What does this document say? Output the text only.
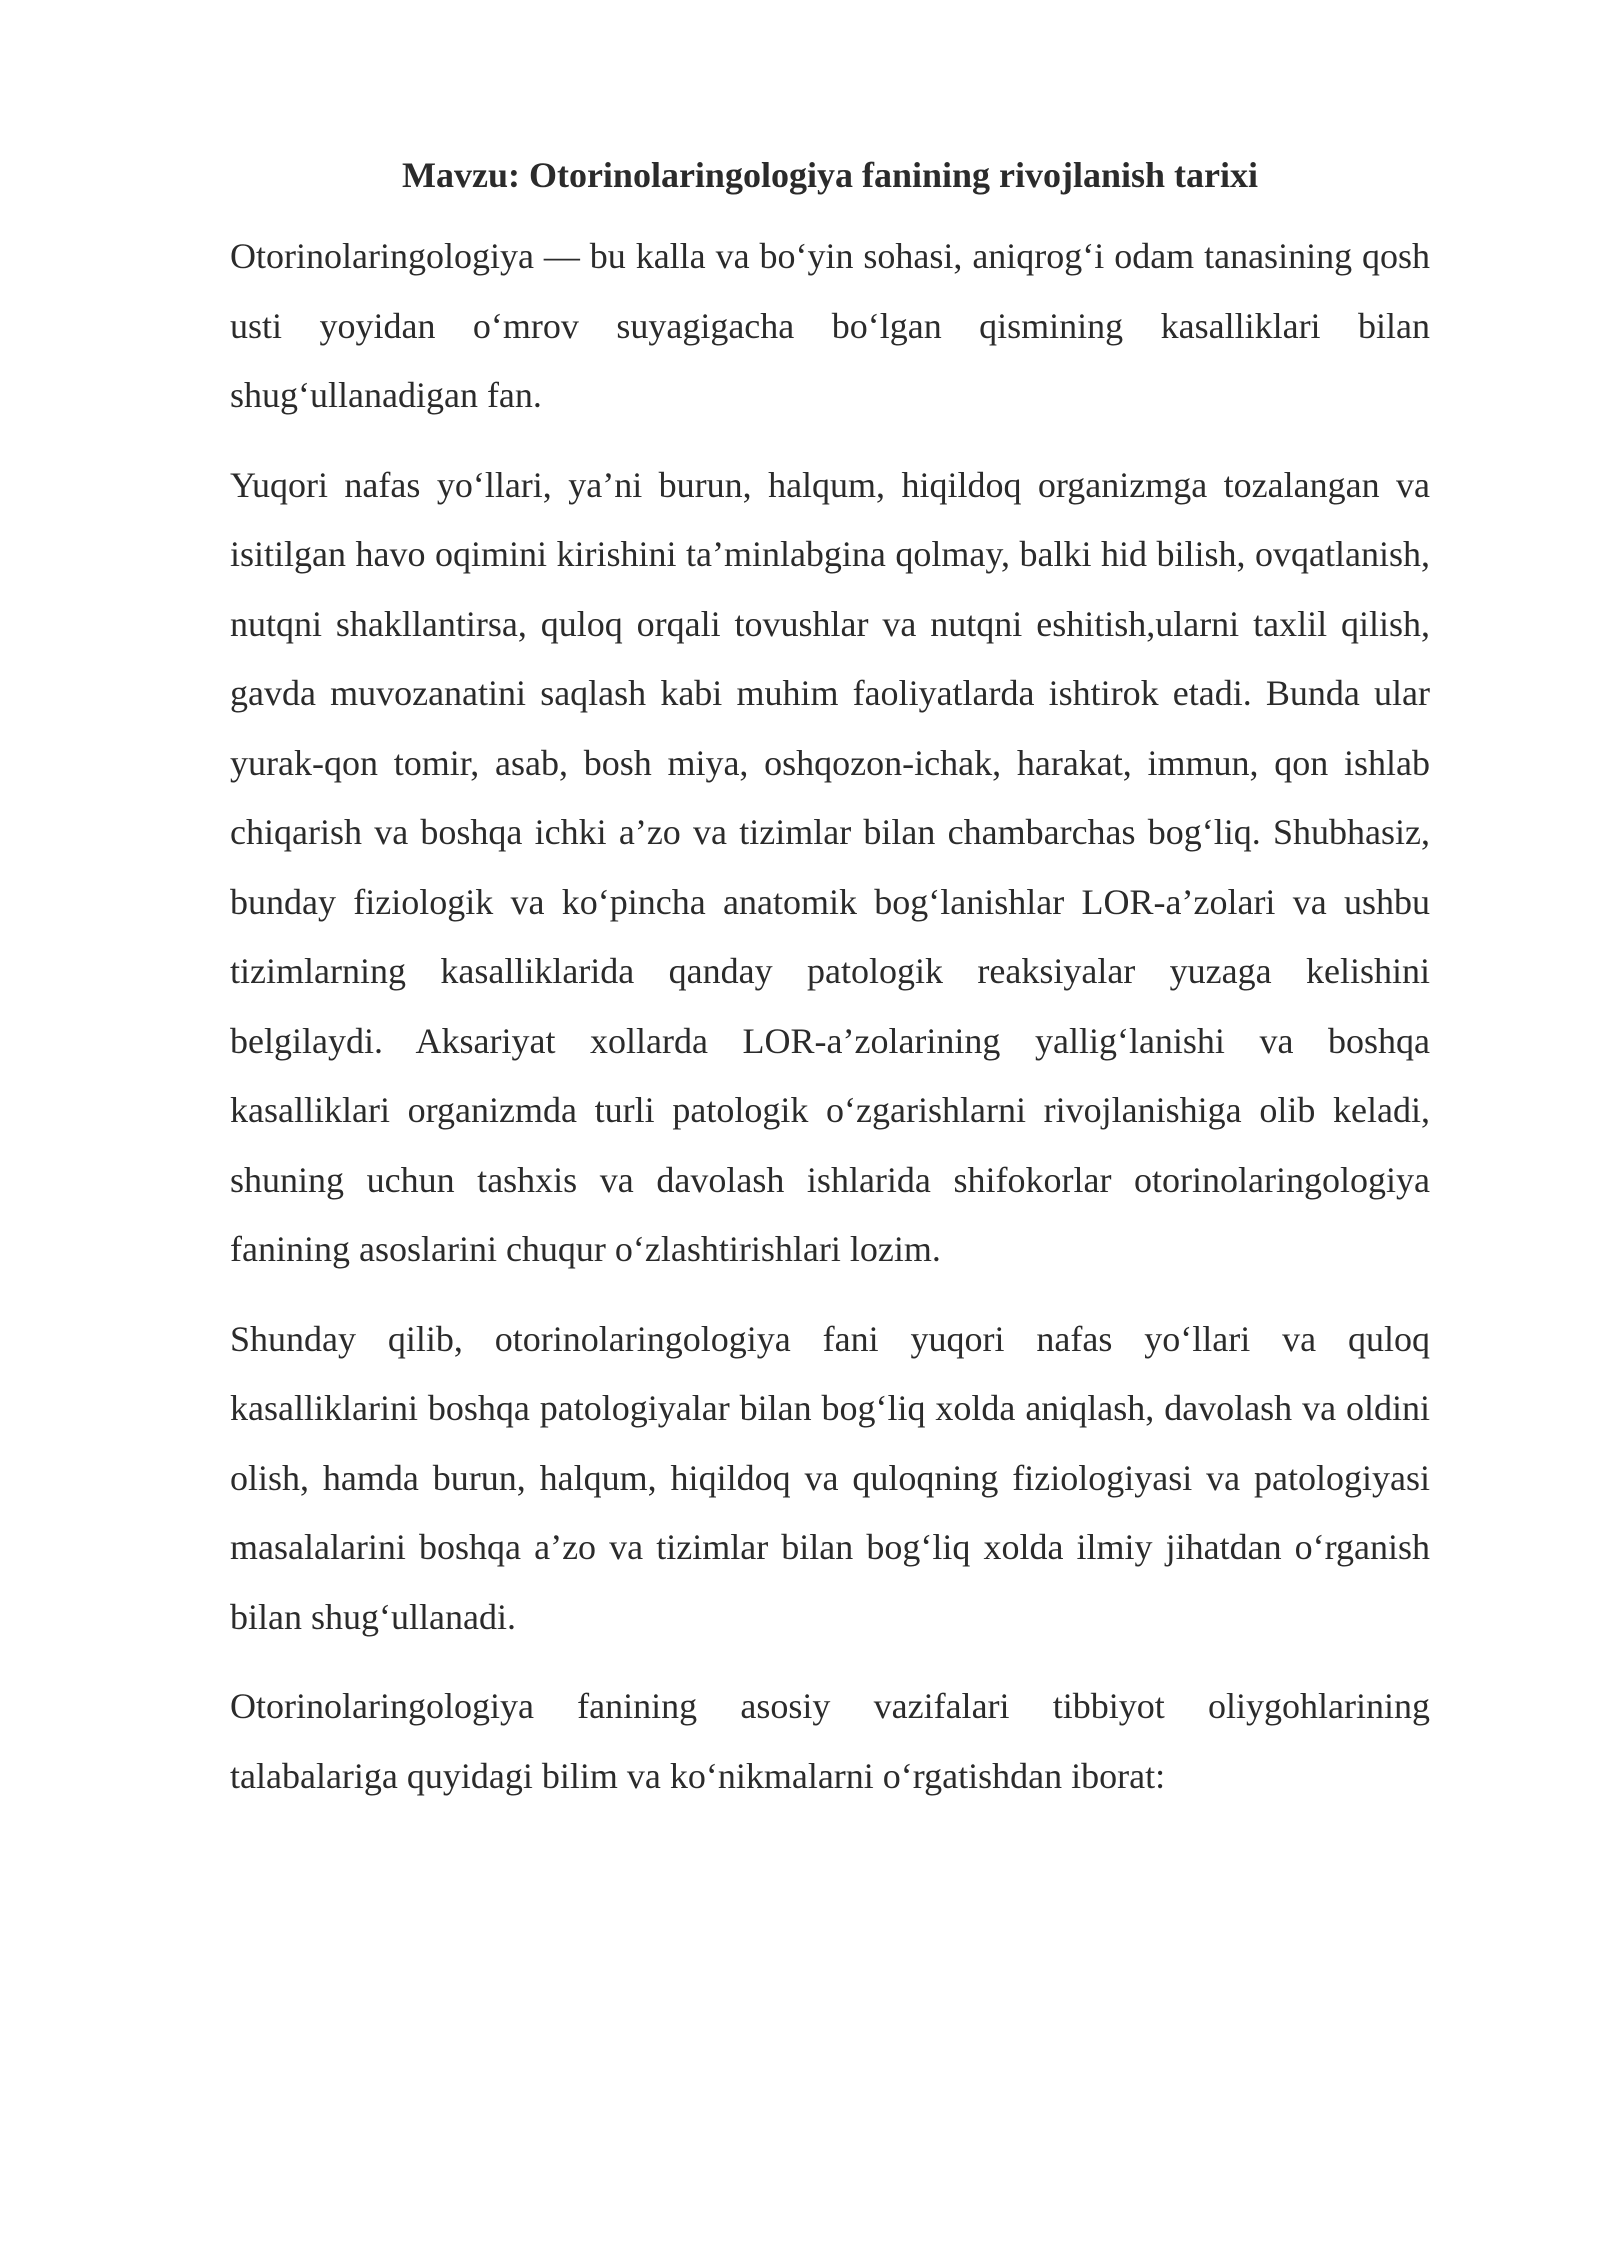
Mavzu: Otorinolaringologiya fanining rivojlanish tarixi

Otorinolaringologiya — bu kalla va bo‘yin sohasi, aniqrog‘i odam tanasining qosh usti yoyidan o‘mrov suyagigacha bo‘lgan qismining kasalliklari bilan shug‘ullanadigan fan.

Yuqori nafas yo‘llari, ya’ni burun, halqum, hiqildoq organizmga tozalangan va isitilgan havo oqimini kirishini ta’minlabgina qolmay, balki hid bilish, ovqatlanish, nutqni shakllantirsa, quloq orqali tovushlar va nutqni eshitish,ularni taxlil qilish, gavda muvozanatini saqlash kabi muhim faoliyatlarda ishtirok etadi. Bunda ular yurak-qon tomir, asab, bosh miya, oshqozon-ichak, harakat, immun, qon ishlab chiqarish va boshqa ichki a’zo va tizimlar bilan chambarchas bog‘liq. Shubhasiz, bunday fiziologik va ko‘pincha anatomik bog‘lanishlar LOR-a’zolari va ushbu tizimlarning kasalliklarida qanday patologik reaksiyalar yuzaga kelishini belgilaydi. Aksariyat xollarda LOR-a’zolarining yallig‘lanishi va boshqa kasalliklari organizmda turli patologik o‘zgarishlarni rivojlanishiga olib keladi, shuning uchun tashxis va davolash ishlarida shifokorlar otorinolaringologiya fanining asoslarini chuqur o‘zlashtirishlari lozim.

Shunday qilib, otorinolaringologiya fani yuqori nafas yo‘llari va quloq kasalliklarini boshqa patologiyalar bilan bog‘liq xolda aniqlash, davolash va oldini olish, hamda burun, halqum, hiqildoq va quloqning fiziologiyasi va patologiyasi masalalarini boshqa a’zo va tizimlar bilan bog‘liq xolda ilmiy jihatdan o‘rganish bilan shug‘ullanadi.

Otorinolaringologiya fanining asosiy vazifalari tibbiyot oliygohlarining talabalariga quyidagi bilim va ko‘nikmalarni o‘rgatishdan iborat:
